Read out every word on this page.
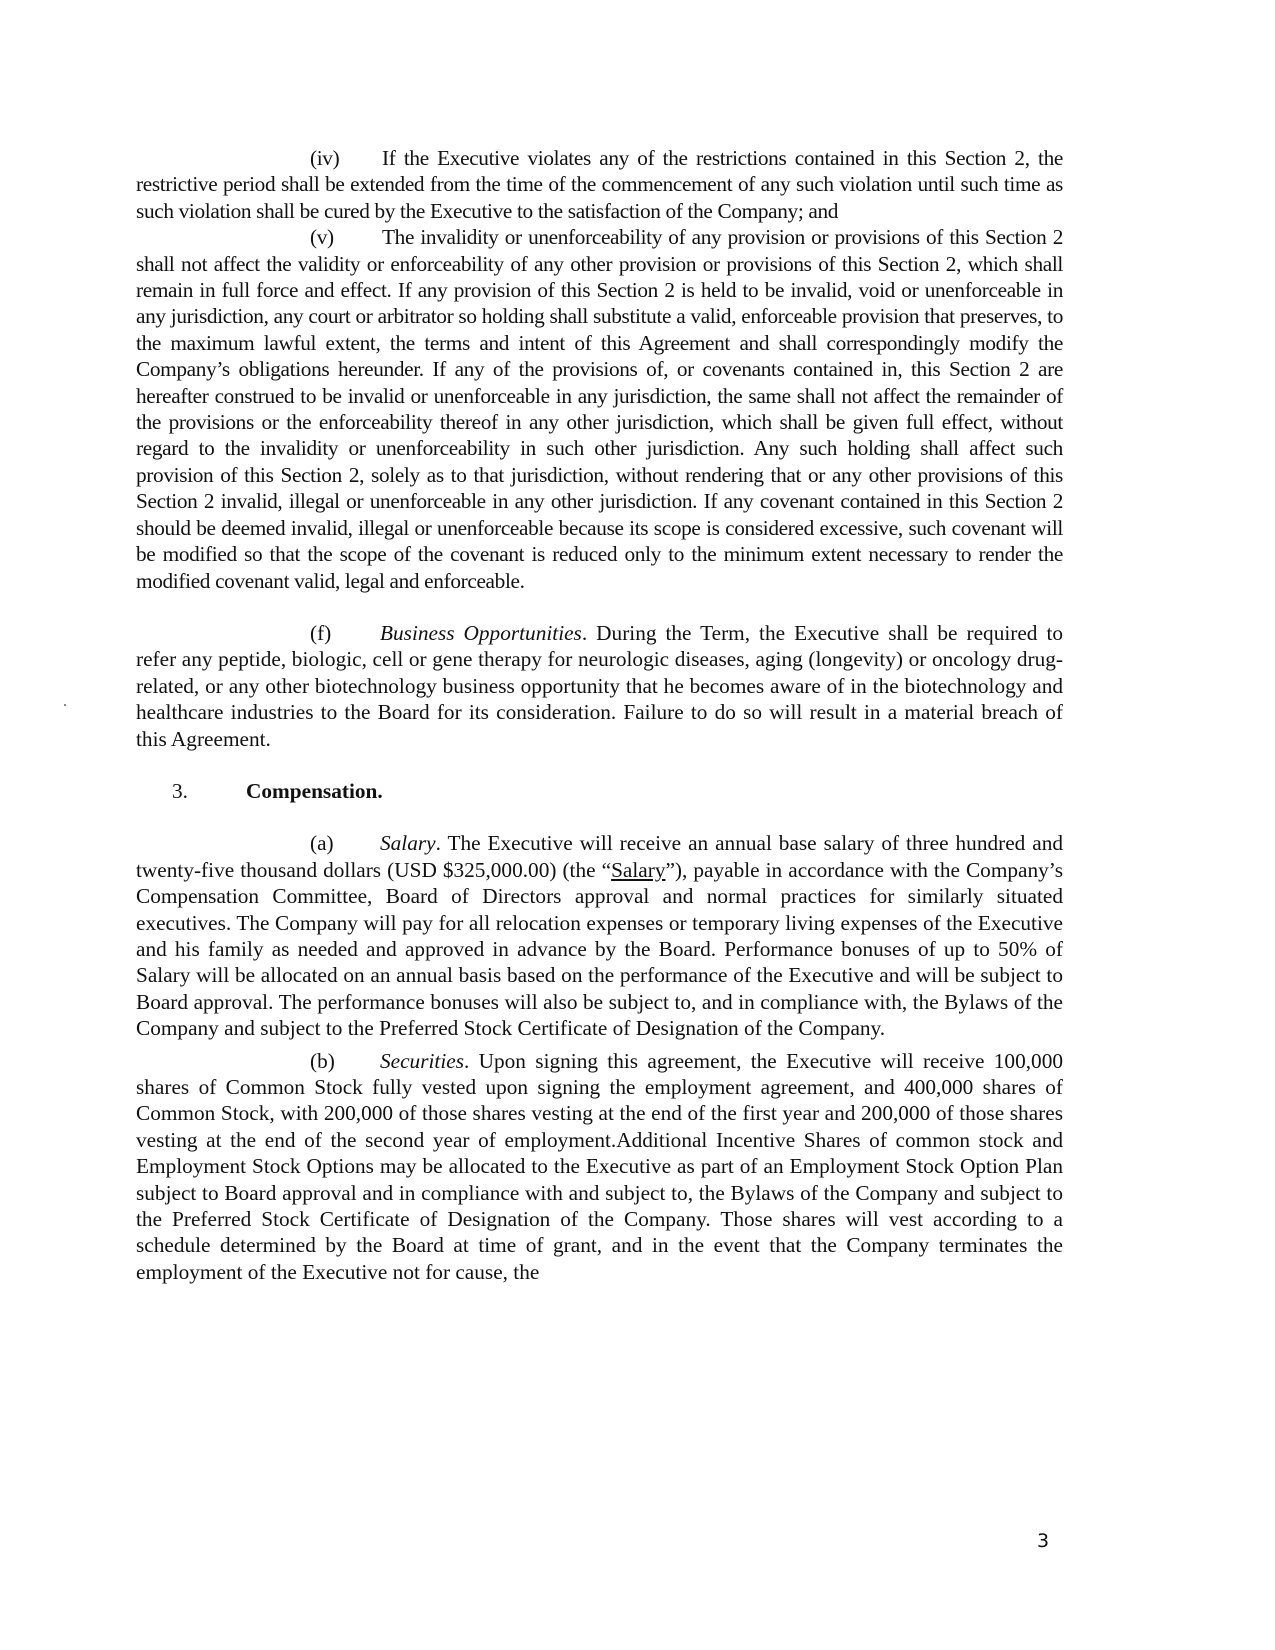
(iv) If the Executive violates any of the restrictions contained in this Section 2, the restrictive period shall be extended from the time of the commencement of any such violation until such time as such violation shall be cured by the Executive to the satisfaction of the Company; and

(v) The invalidity or unenforceability of any provision or provisions of this Section 2 shall not affect the validity or enforceability of any other provision or provisions of this Section 2, which shall remain in full force and effect. If any provision of this Section 2 is held to be invalid, void or unenforceable in any jurisdiction, any court or arbitrator so holding shall substitute a valid, enforceable provision that preserves, to the maximum lawful extent, the terms and intent of this Agreement and shall correspondingly modify the Company’s obligations hereunder. If any of the provisions of, or covenants contained in, this Section 2 are hereafter construed to be invalid or unenforceable in any jurisdiction, the same shall not affect the remainder of the provisions or the enforceability thereof in any other jurisdiction, which shall be given full effect, without regard to the invalidity or unenforceability in such other jurisdiction. Any such holding shall affect such provision of this Section 2, solely as to that jurisdiction, without rendering that or any other provisions of this Section 2 invalid, illegal or unenforceable in any other jurisdiction. If any covenant contained in this Section 2 should be deemed invalid, illegal or unenforceable because its scope is considered excessive, such covenant will be modified so that the scope of the covenant is reduced only to the minimum extent necessary to render the modified covenant valid, legal and enforceable.

(f) Business Opportunities. During the Term, the Executive shall be required to refer any peptide, biologic, cell or gene therapy for neurologic diseases, aging (longevity) or oncology drug-related, or any other biotechnology business opportunity that he becomes aware of in the biotechnology and healthcare industries to the Board for its consideration. Failure to do so will result in a material breach of this Agreement.

3.	Compensation.

(a) Salary. The Executive will receive an annual base salary of three hundred and twenty-five thousand dollars (USD $325,000.00) (the “Salary”), payable in accordance with the Company’s Compensation Committee, Board of Directors approval and normal practices for similarly situated executives. The Company will pay for all relocation expenses or temporary living expenses of the Executive and his family as needed and approved in advance by the Board. Performance bonuses of up to 50% of Salary will be allocated on an annual basis based on the performance of the Executive and will be subject to Board approval. The performance bonuses will also be subject to, and in compliance with, the Bylaws of the Company and subject to the Preferred Stock Certificate of Designation of the Company.

(b) Securities. Upon signing this agreement, the Executive will receive 100,000 shares of Common Stock fully vested upon signing the employment agreement, and 400,000 shares of Common Stock, with 200,000 of those shares vesting at the end of the first year and 200,000 of those shares vesting at the end of the second year of employment.Additional Incentive Shares of common stock and Employment Stock Options may be allocated to the Executive as part of an Employment Stock Option Plan subject to Board approval and in compliance with and subject to, the Bylaws of the Company and subject to the Preferred Stock Certificate of Designation of the Company. Those shares will vest according to a schedule determined by the Board at time of grant, and in the event that the Company terminates the employment of the Executive not for cause, the

3
